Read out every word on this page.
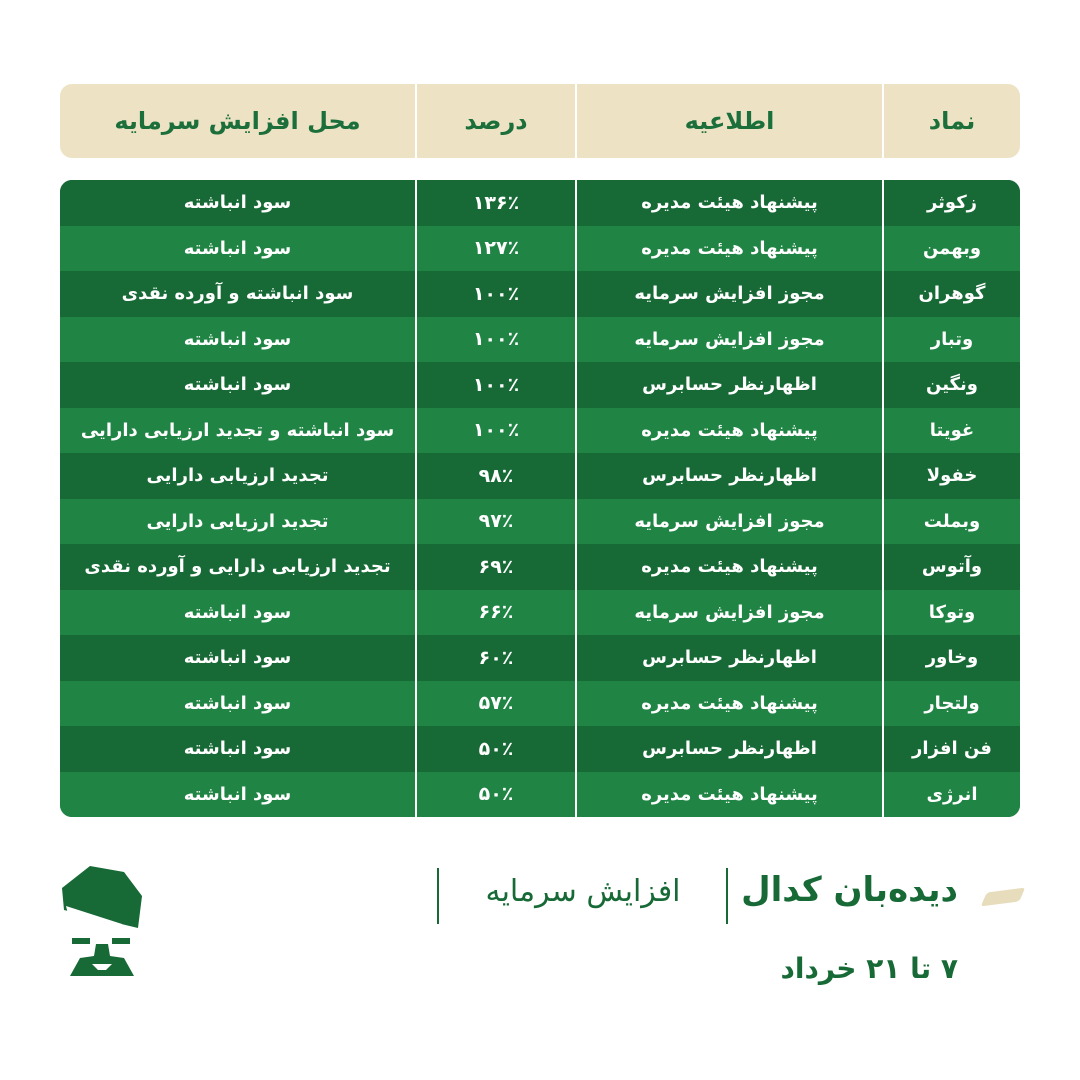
نماد
اطلاعیه
درصد
محل افزایش سرمایه
زکوثر
پیشنهاد هیئت مدیره
۱۳۶٪
سود انباشته
وبهمن
پیشنهاد هیئت مدیره
۱۲۷٪
سود انباشته
گوهران
مجوز افزایش سرمایه
۱۰۰٪
سود انباشته و آورده نقدی
وتبار
مجوز افزایش سرمایه
۱۰۰٪
سود انباشته
ونگین
اظهارنظر حسابرس
۱۰۰٪
سود انباشته
غویتا
پیشنهاد هیئت مدیره
۱۰۰٪
سود انباشته و تجدید ارزیابی دارایی
خفولا
اظهارنظر حسابرس
۹۸٪
تجدید ارزیابی دارایی
وبملت
مجوز افزایش سرمایه
۹۷٪
تجدید ارزیابی دارایی
وآتوس
پیشنهاد هیئت مدیره
۶۹٪
تجدید ارزیابی دارایی و آورده نقدی
وتوکا
مجوز افزایش سرمایه
۶۶٪
سود انباشته
وخاور
اظهارنظر حسابرس
۶۰٪
سود انباشته
ولتجار
پیشنهاد هیئت مدیره
۵۷٪
سود انباشته
فن افزار
اظهارنظر حسابرس
۵۰٪
سود انباشته
انرژی
پیشنهاد هیئت مدیره
۵۰٪
سود انباشته
دیده‌بان کدال
افزایش سرمایه
۷ تا ۲۱ خرداد
